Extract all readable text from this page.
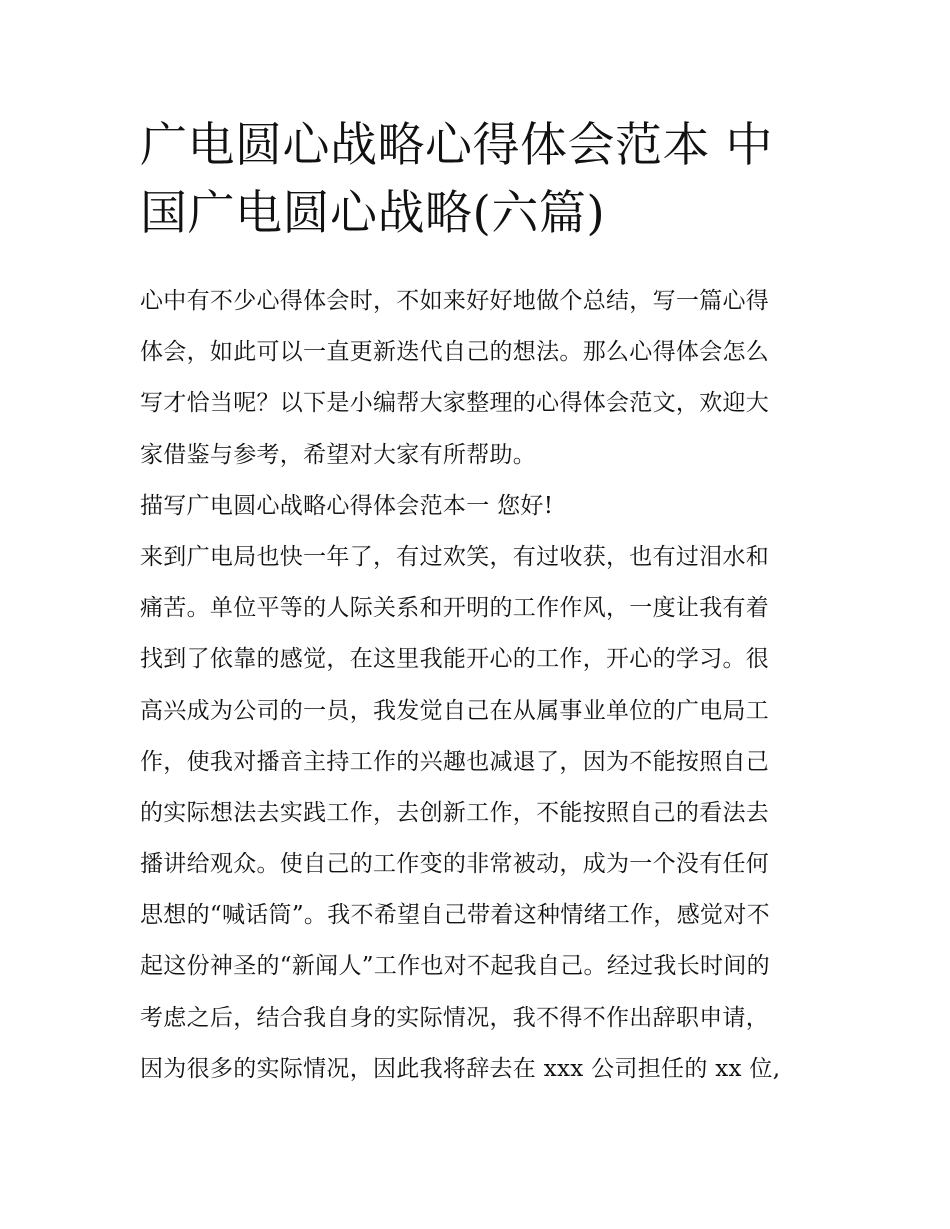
广电圆心战略心得体会范本 中
国广电圆心战略(六篇)
心中有不少心得体会时，不如来好好地做个总结，写一篇心得
体会，如此可以一直更新迭代自己的想法。那么心得体会怎么
写才恰当呢？以下是小编帮大家整理的心得体会范文，欢迎大
家借鉴与参考，希望对大家有所帮助。
描写广电圆心战略心得体会范本一 您好!
来到广电局也快一年了，有过欢笑，有过收获，也有过泪水和
痛苦。单位平等的人际关系和开明的工作作风，一度让我有着
找到了依靠的感觉，在这里我能开心的工作，开心的学习。很
高兴成为公司的一员，我发觉自己在从属事业单位的广电局工
作，使我对播音主持工作的兴趣也减退了，因为不能按照自己
的实际想法去实践工作，去创新工作，不能按照自己的看法去
播讲给观众。使自己的工作变的非常被动，成为一个没有任何
思想的“喊话筒”。我不希望自己带着这种情绪工作，感觉对不
起这份神圣的“新闻人”工作也对不起我自己。经过我长时间的
考虑之后，结合我自身的实际情况，我不得不作出辞职申请，
因为很多的实际情况，因此我将辞去在 xxx 公司担任的 xx 位,
